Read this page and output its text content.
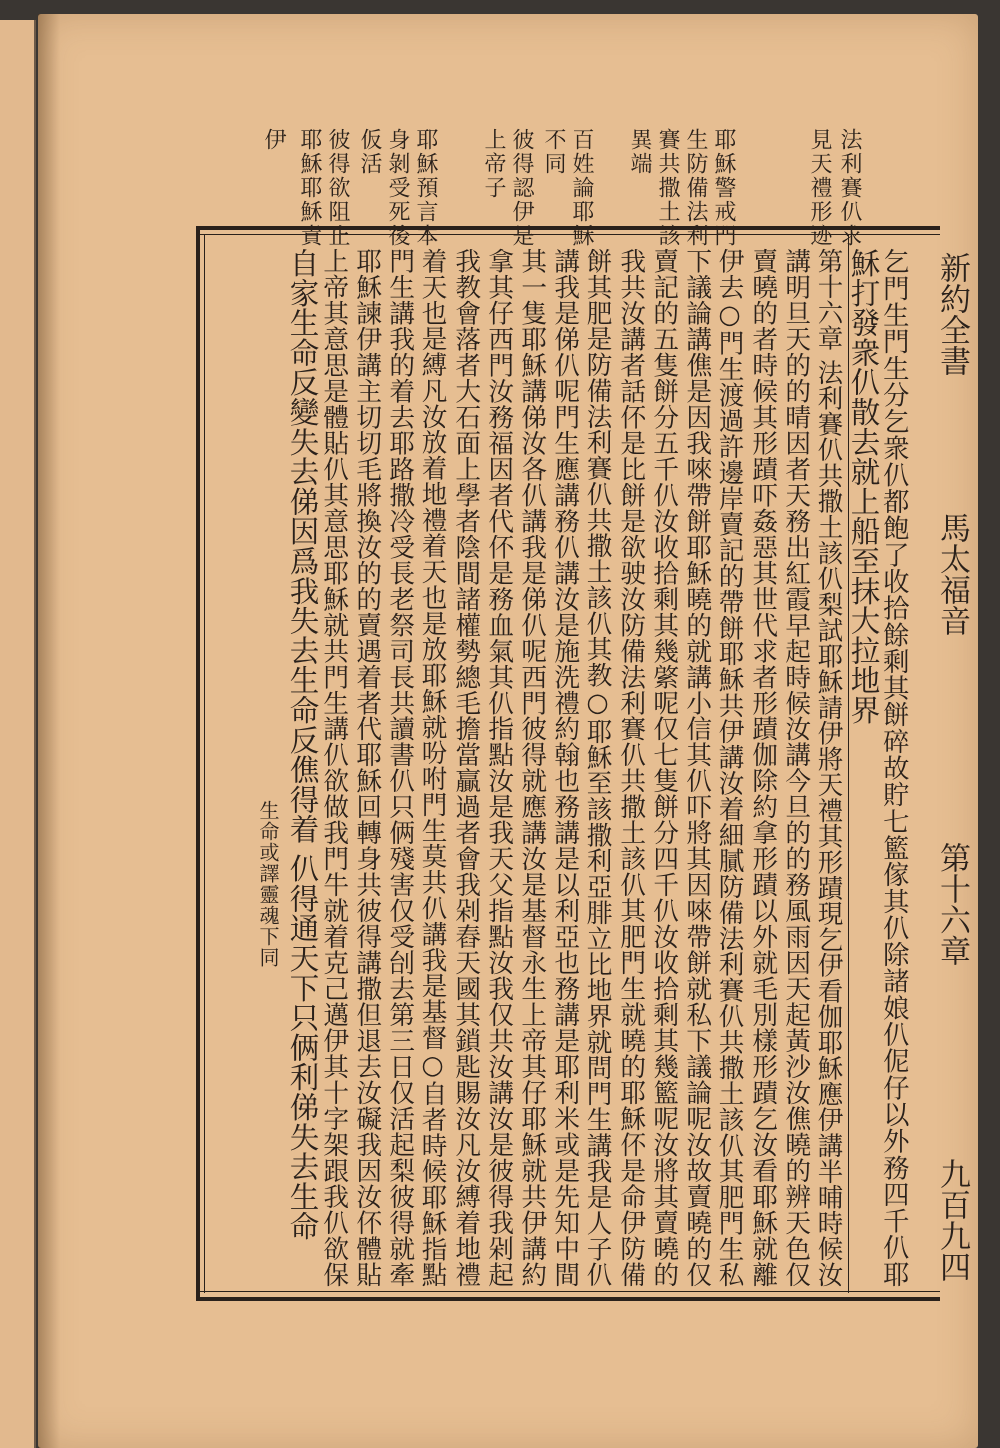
新約全書
馬太福音
第十六章
九百九四
法利賽仈求
見天禮形迹
耶穌警戒門
生防備法利
賽共撒土該
異端
百姓論耶穌
不同
彼得認伊是
上帝子
耶穌預言本
身剝受死後
仮活
彼得欲阻止
耶穌耶穌責
伊
乞門生門生分乞衆仈都飽了收拾餘剩其餅碎故貯七籃傢其仈除諸娘仈伲仔以外務四千仈耶
穌打發衆仈散去就上船至抹大拉地界
第十六章 法利賽仈共撒土該仈梨試耶穌請伊將天禮其形蹟現乞伊看伽耶穌應伊講半晡時候汝
講明旦天的的晴因者天務出紅霞早起時候汝講今旦的的務風雨因天起黃沙汝僬曉的辨天色仅
賣曉的者時候其形蹟吓姦惡其世代求者形蹟伽除約拿形蹟以外就毛別樣形蹟乞汝看耶穌就離
伊去○門生渡過許邊岸賣記的帶餅耶穌共伊講汝着細膩防備法利賽仈共撒土該仈其肥門生私
下議論講僬是因我唻帶餅耶穌曉的就講小信其仈吓將其因唻帶餅就私下議論呢汝故賣曉的仅
賣記的五隻餅分五千仈汝收拾剩其幾綮呢仅七隻餅分四千仈汝收拾剩其幾籃呢汝將其賣曉的
我共汝講者話伓是比餅是欲驶汝防備法利賽仈共撒土該仈其肥門生就曉的耶穌伓是命伊防備
餅其肥是防備法利賽仈共撒土該仈其教○耶穌至該撒利亞腓立比地界就問門生講我是人子仈
講我是俤仈呢門生應講務仈講汝是施洗禮約翰也務講是以利亞也務講是耶利米或是先知中間
其一隻耶穌講俤汝各仈講我是俤仈呢西門彼得就應講汝是基督永生上帝其仔耶穌就共伊講約
拿其仔西門汝務福因者代伓是務血氣其仈指點汝是我天父指點汝我仅共汝講汝是彼得我剁起
我教會落者大石面上學者陰間諸權勢總毛擔當贏過者會我剁舂天國其鎖匙賜汝凡汝縛着地禮
着天也是縛凡汝放着地禮着天也是放耶穌就吩咐門生莫共仈講我是基督○自者時候耶穌指點
門生講我的着去耶路撒冷受長老祭司長共讀書仈只俩殘害仅受刣去第三日仅活起梨彼得就牽
耶穌諫伊講主切切毛將換汝的的賣遇着者代耶穌回轉身共彼得講撒但退去汝礙我因汝伓體貼
上帝其意思是體貼仈其意思耶穌就共門生講仈欲做我門牛就着克己邁伊其十字架跟我仈欲保
自家生命反變失去俤因爲我失去生命反僬得着 仈得通天下只俩利俤失去生命
生命或譯靈魂下同
